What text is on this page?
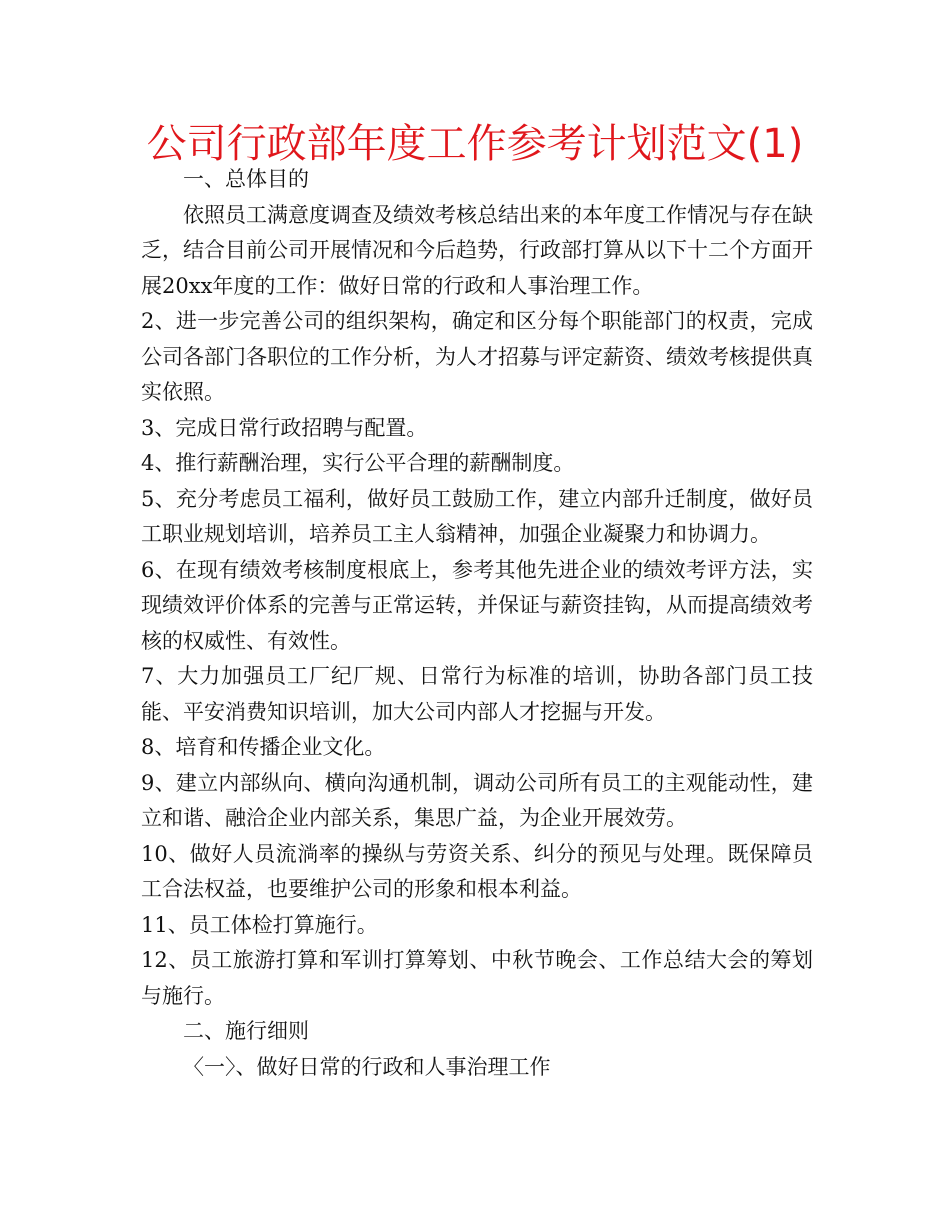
公司行政部年度工作参考计划范文(1)

一、总体目的

依照员工满意度调查及绩效考核总结出来的本年度工作情况与存在缺乏，结合目前公司开展情况和今后趋势，行政部打算从以下十二个方面开展20xx年度的工作：做好日常的行政和人事治理工作。

2、进一步完善公司的组织架构，确定和区分每个职能部门的权责，完成公司各部门各职位的工作分析，为人才招募与评定薪资、绩效考核提供真实依照。

3、完成日常行政招聘与配置。

4、推行薪酬治理，实行公平合理的薪酬制度。

5、充分考虑员工福利，做好员工鼓励工作，建立内部升迁制度，做好员工职业规划培训，培养员工主人翁精神，加强企业凝聚力和协调力。

6、在现有绩效考核制度根底上，参考其他先进企业的绩效考评方法，实现绩效评价体系的完善与正常运转，并保证与薪资挂钩，从而提高绩效考核的权威性、有效性。

7、大力加强员工厂纪厂规、日常行为标准的培训，协助各部门员工技能、平安消费知识培训，加大公司内部人才挖掘与开发。

8、培育和传播企业文化。

9、建立内部纵向、横向沟通机制，调动公司所有员工的主观能动性，建立和谐、融洽企业内部关系，集思广益，为企业开展效劳。

10、做好人员流淌率的操纵与劳资关系、纠分的预见与处理。既保障员工合法权益，也要维护公司的形象和根本利益。

11、员工体检打算施行。

12、员工旅游打算和军训打算筹划、中秋节晚会、工作总结大会的筹划与施行。

二、施行细则

〈一〉、做好日常的行政和人事治理工作
